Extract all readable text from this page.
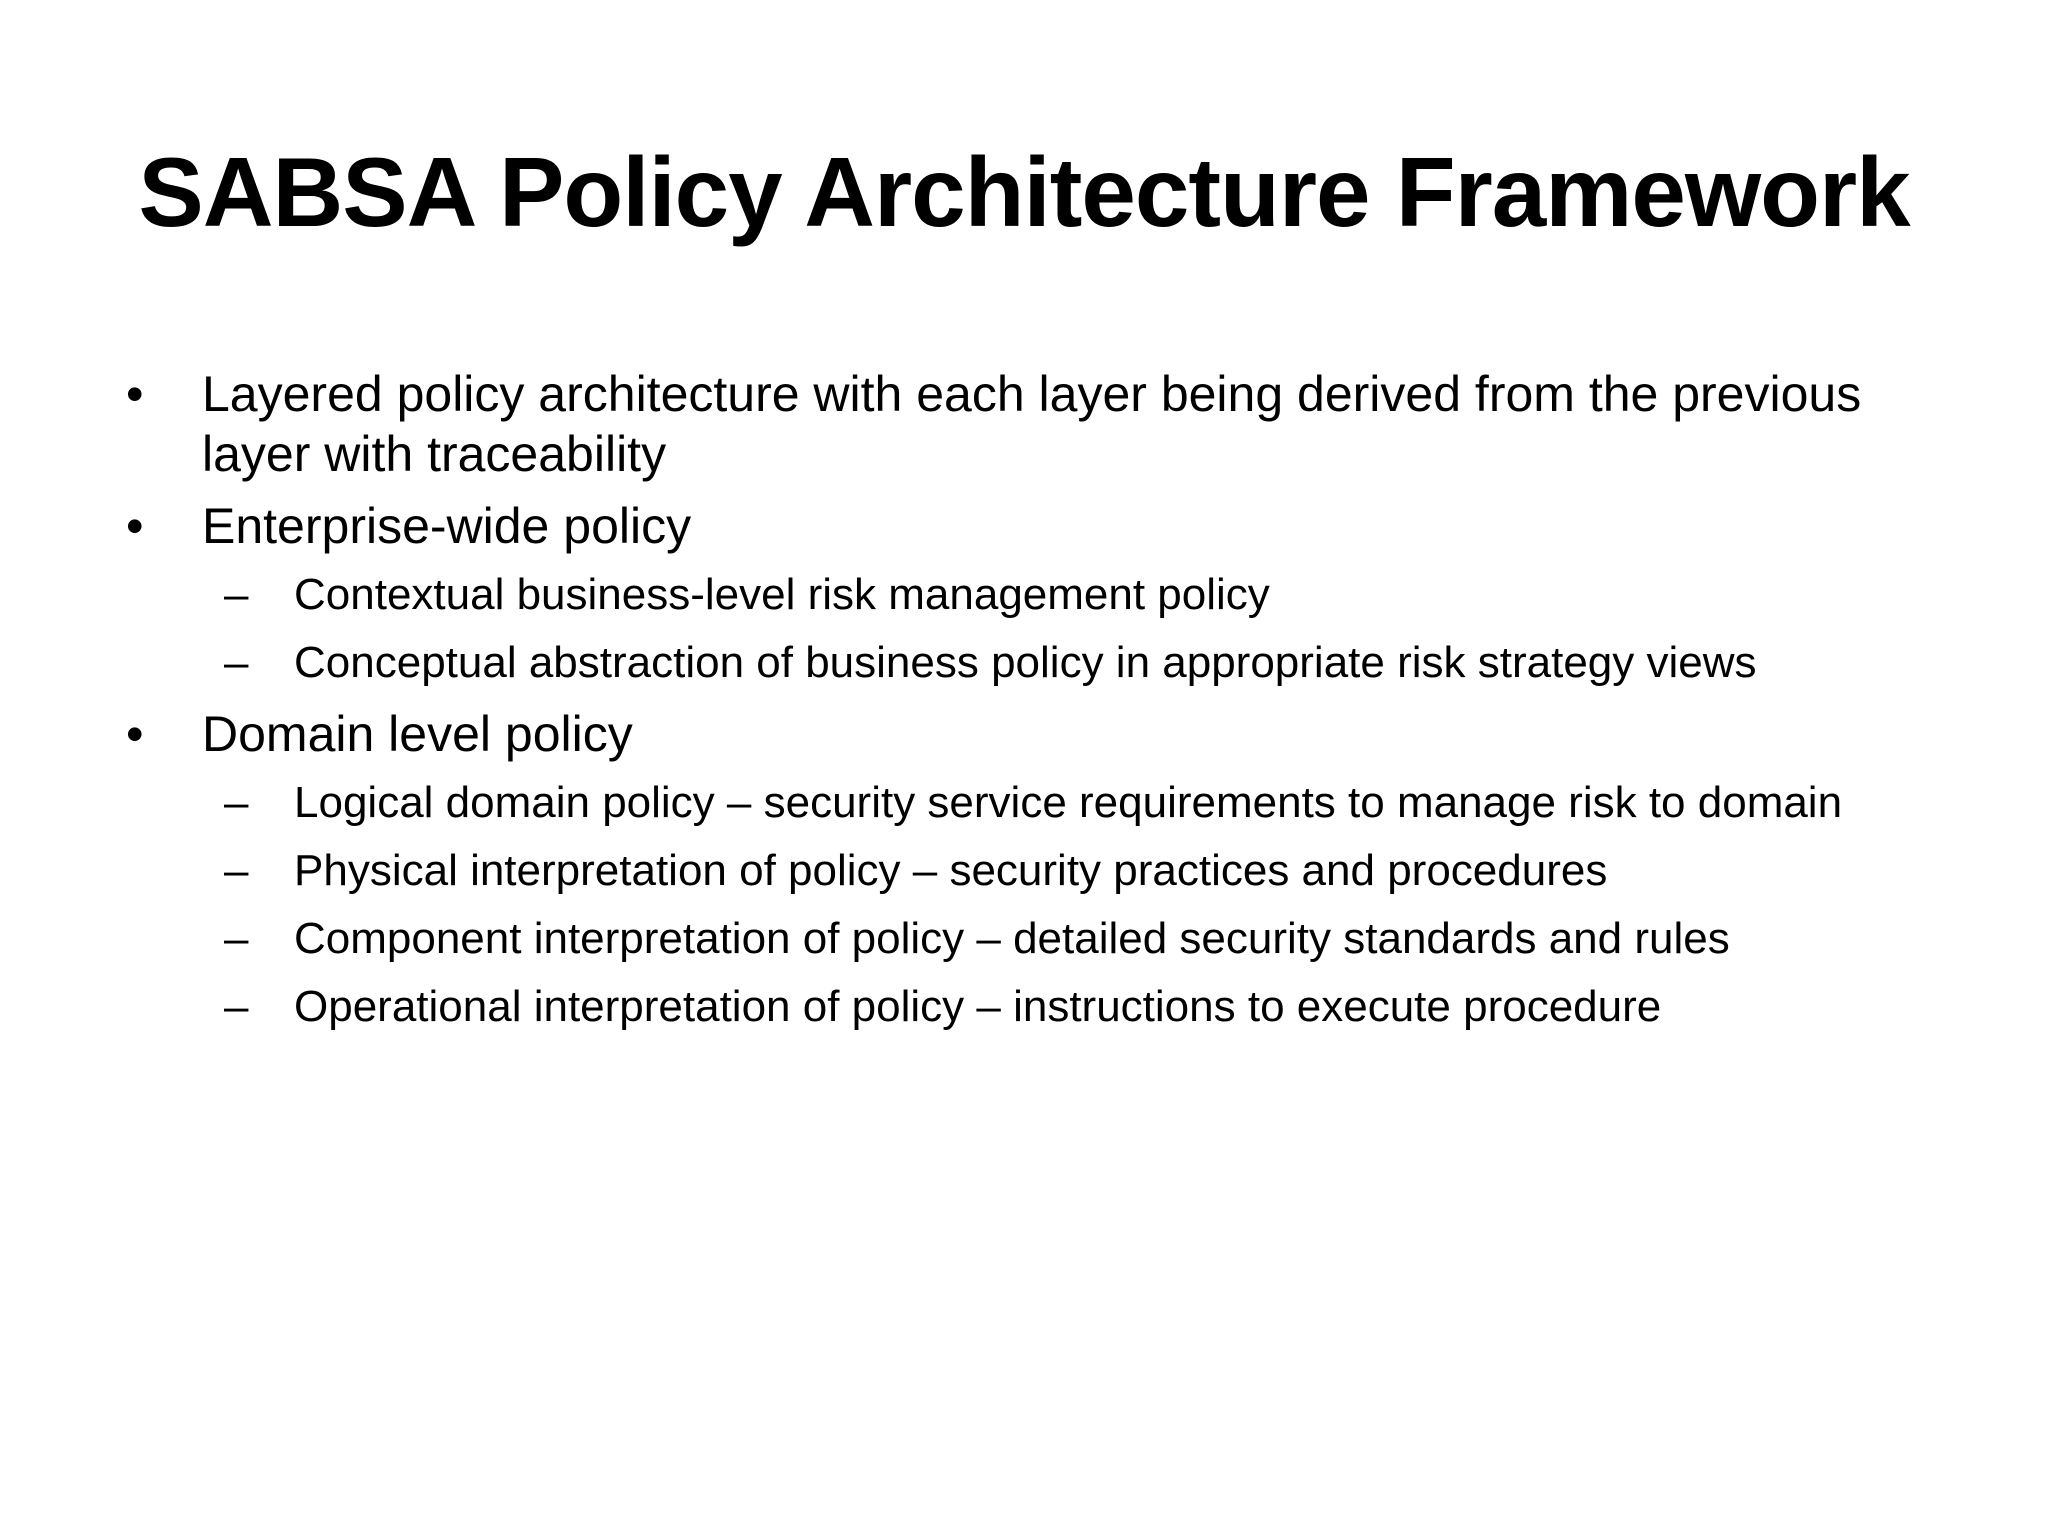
SABSA Policy Architecture Framework
• Layered policy architecture with each layer being derived from the previous layer with traceability
• Enterprise-wide policy
– Contextual business-level risk management policy
– Conceptual abstraction of business policy in appropriate risk strategy views
• Domain level policy
– Logical domain policy – security service requirements to manage risk to domain
– Physical interpretation of policy – security practices and procedures
– Component interpretation of policy – detailed security standards and rules
– Operational interpretation of policy – instructions to execute procedure
